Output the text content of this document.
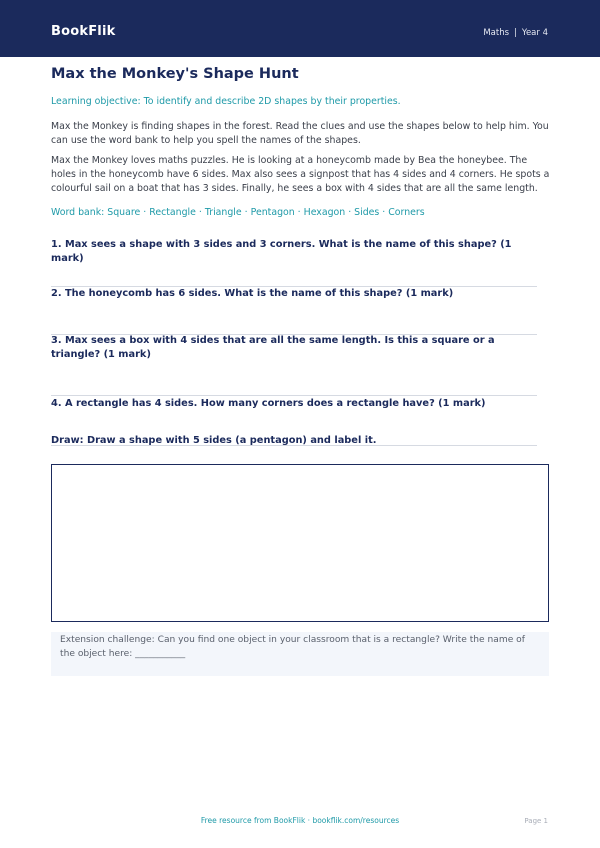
BookFlik	Maths | Year 4
Max the Monkey's Shape Hunt
Learning objective: To identify and describe 2D shapes by their properties.
Max the Monkey is finding shapes in the forest. Read the clues and use the shapes below to help him. You can use the word bank to help you spell the names of the shapes.
Max the Monkey loves maths puzzles. He is looking at a honeycomb made by Bea the honeybee. The holes in the honeycomb have 6 sides. Max also sees a signpost that has 4 sides and 4 corners. He spots a colourful sail on a boat that has 3 sides. Finally, he sees a box with 4 sides that are all the same length.
Word bank: Square · Rectangle · Triangle · Pentagon · Hexagon · Sides · Corners
1. Max sees a shape with 3 sides and 3 corners. What is the name of this shape? (1 mark)
2. The honeycomb has 6 sides. What is the name of this shape? (1 mark)
3. Max sees a box with 4 sides that are all the same length. Is this a square or a triangle? (1 mark)
4. A rectangle has 4 sides. How many corners does a rectangle have? (1 mark)
Draw: Draw a shape with 5 sides (a pentagon) and label it.
Extension challenge: Can you find one object in your classroom that is a rectangle? Write the name of the object here: ___________
Free resource from BookFlik · bookflik.com/resources	Page 1
